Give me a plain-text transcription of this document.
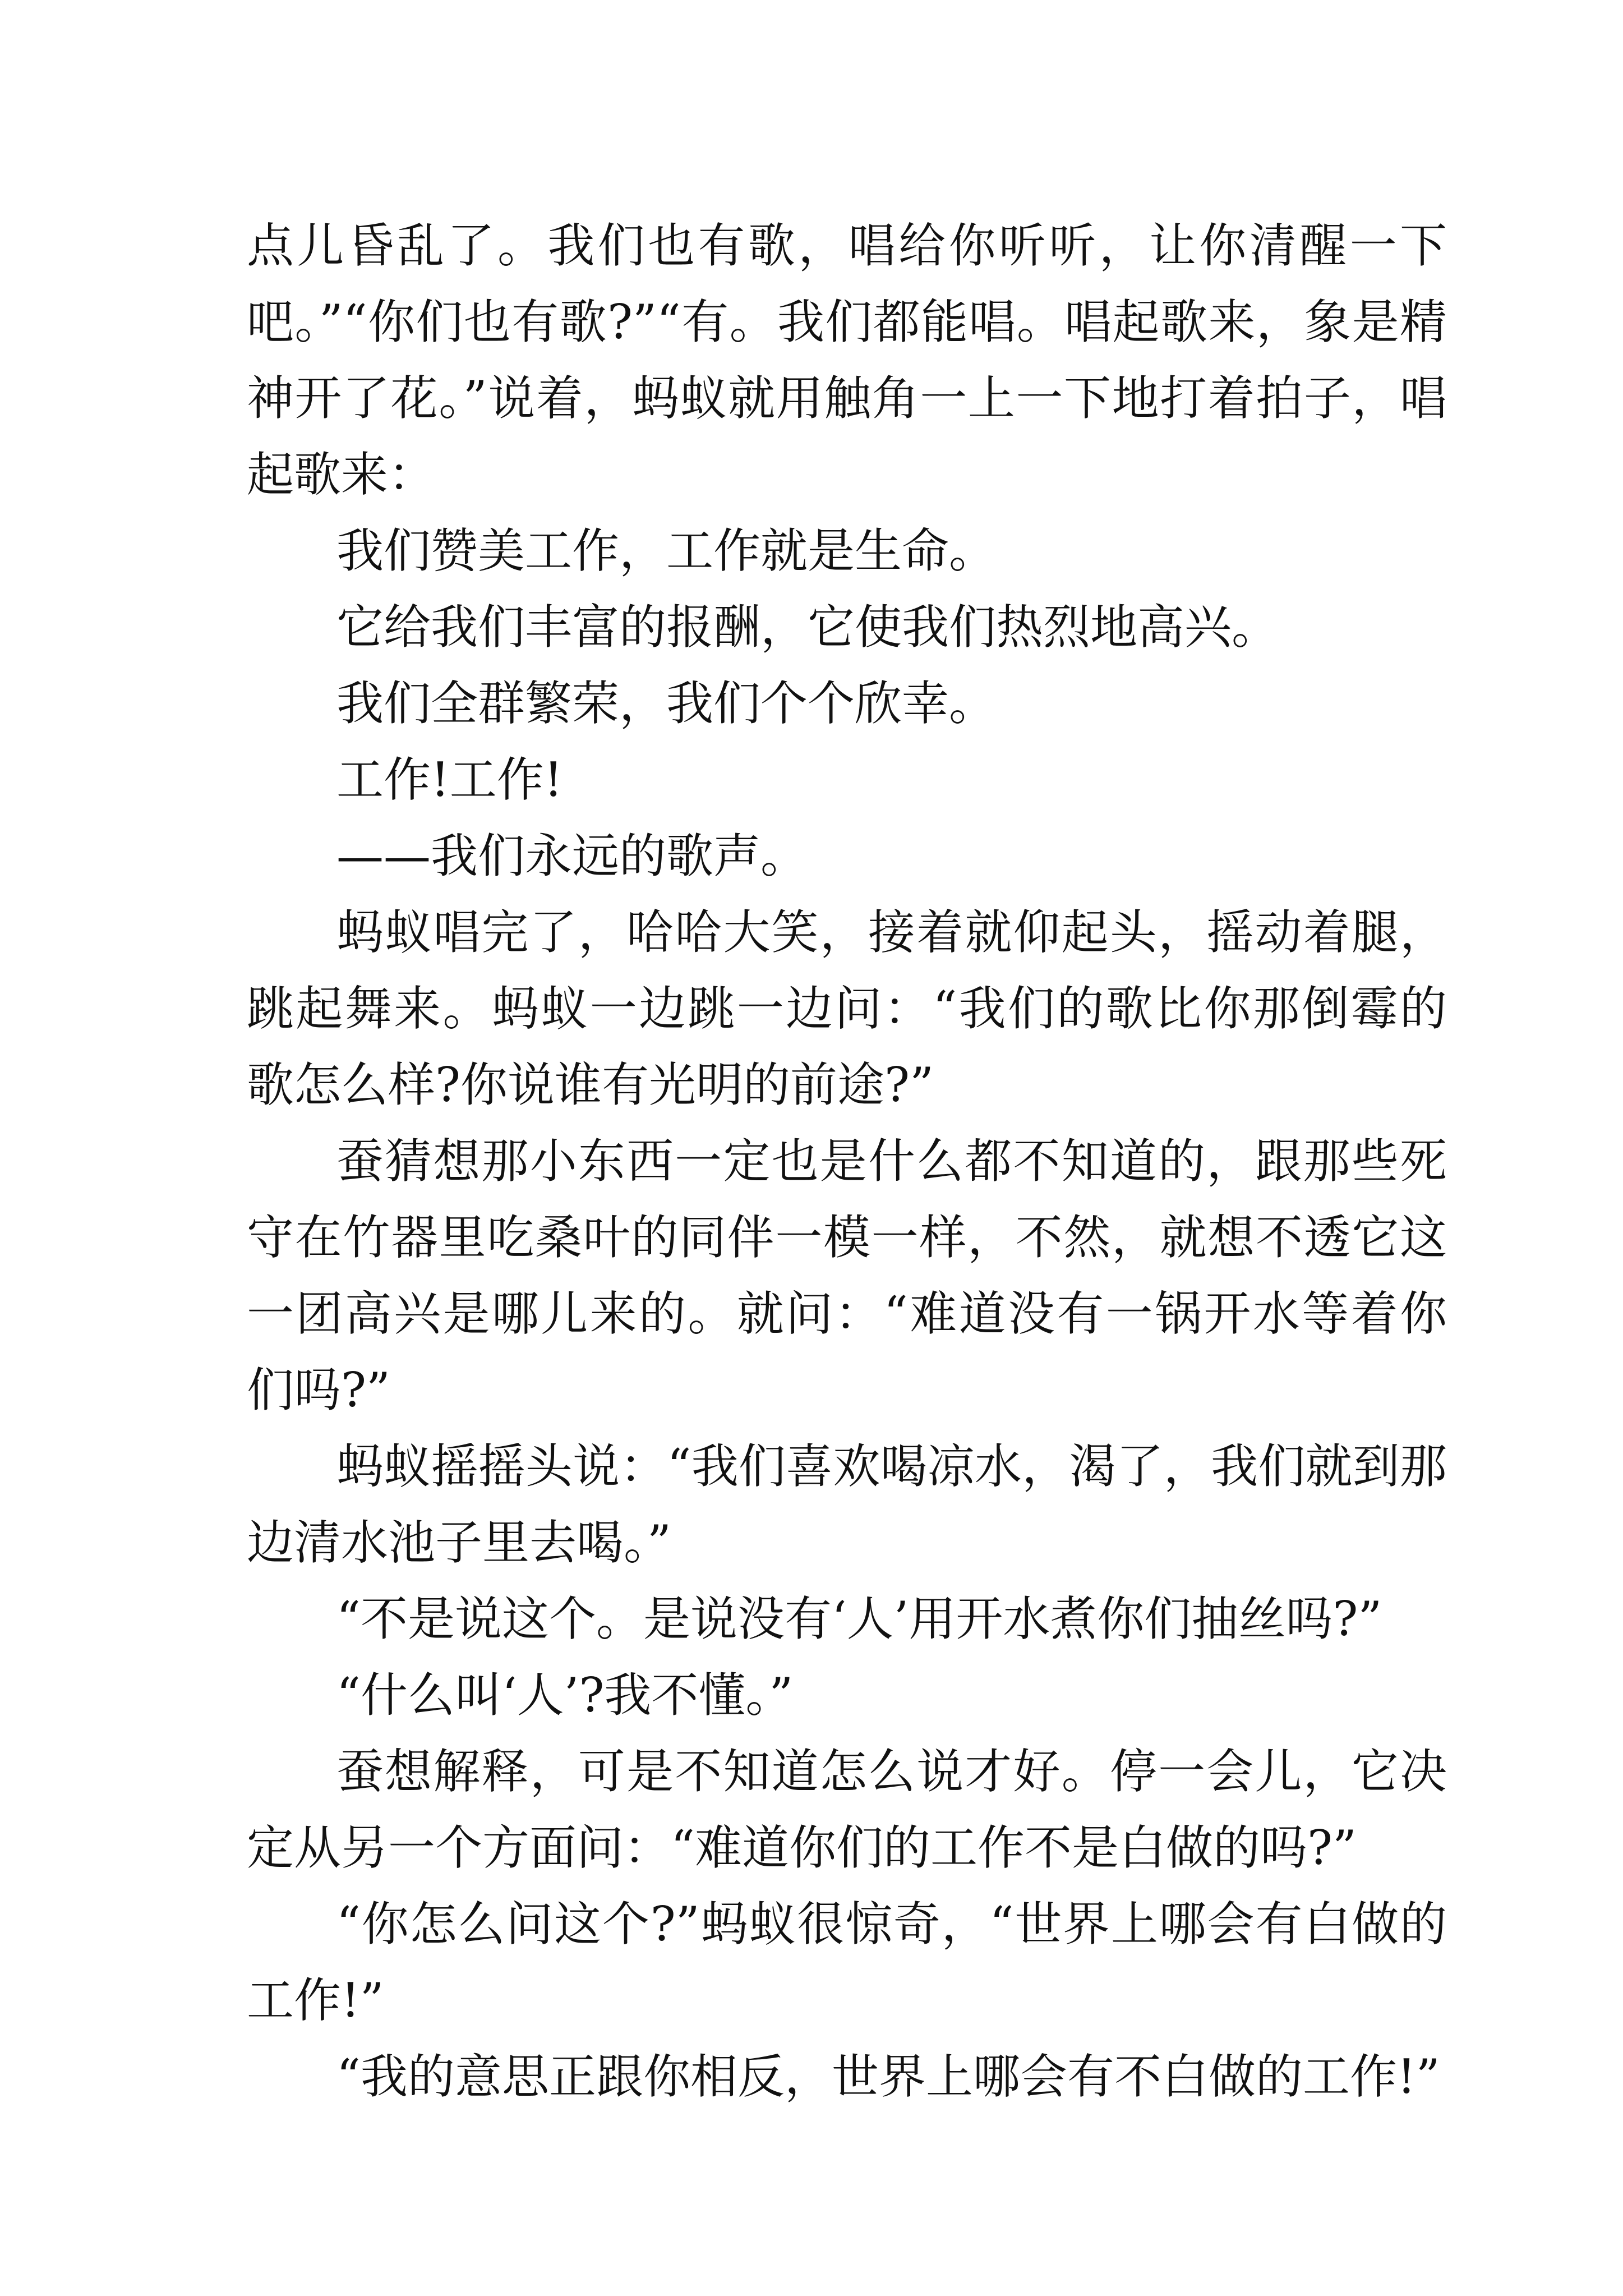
点儿昏乱了。我们也有歌，唱给你听听，让你清醒一下吧。”“你们也有歌?”“有。我们都能唱。唱起歌来，象是精神开了花。”说着，蚂蚁就用触角一上一下地打着拍子，唱起歌来：

我们赞美工作，工作就是生命。

它给我们丰富的报酬，它使我们热烈地高兴。

我们全群繁荣，我们个个欣幸。

工作!工作!

——我们永远的歌声。

蚂蚁唱完了，哈哈大笑，接着就仰起头，摇动着腿，跳起舞来。蚂蚁一边跳一边问：“我们的歌比你那倒霉的歌怎么样?你说谁有光明的前途?”

蚕猜想那小东西一定也是什么都不知道的，跟那些死守在竹器里吃桑叶的同伴一模一样，不然，就想不透它这一团高兴是哪儿来的。就问：“难道没有一锅开水等着你们吗?”

蚂蚁摇摇头说：“我们喜欢喝凉水，渴了，我们就到那边清水池子里去喝。”

“不是说这个。是说没有‘人’用开水煮你们抽丝吗?”

“什么叫‘人’?我不懂。”

蚕想解释，可是不知道怎么说才好。停一会儿，它决定从另一个方面问：“难道你们的工作不是白做的吗?”

“你怎么问这个?”蚂蚁很惊奇，“世界上哪会有白做的工作!”

“我的意思正跟你相反，世界上哪会有不白做的工作!”
